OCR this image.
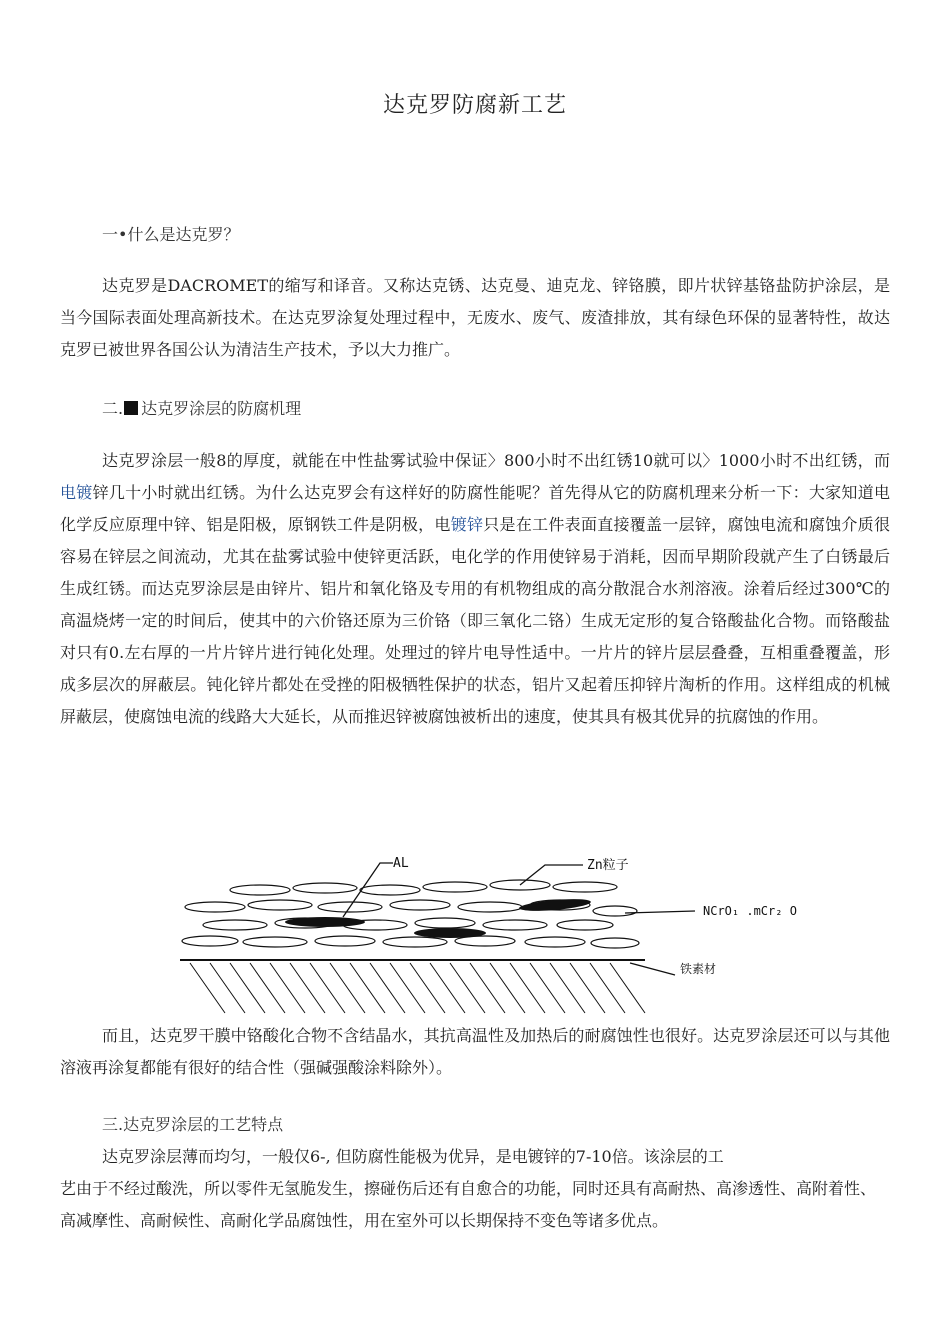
达克罗防腐新工艺
一•什么是达克罗？

达克罗是DACROMET的缩写和译音。又称达克锈、达克曼、迪克龙、锌铬膜，即片状锌基铬盐防护涂层，是当今国际表面处理高新技术。在达克罗涂复处理过程中，无废水、废气、废渣排放，其有绿色环保的显著特性，故达克罗已被世界各国公认为清洁生产技术，予以大力推广。

二. 达克罗涂层的防腐机理

达克罗涂层一般8的厚度，就能在中性盐雾试验中保证〉800小时不出红锈10就可以〉1000小时不出红锈，而电镀锌几十小时就出红锈。为什么达克罗会有这样好的防腐性能呢？首先得从它的防腐机理来分析一下：大家知道电化学反应原理中锌、铝是阳极，原钢铁工件是阴极，电镀锌只是在工件表面直接覆盖一层锌，腐蚀电流和腐蚀介质很容易在锌层之间流动，尤其在盐雾试验中使锌更活跃，电化学的作用使锌易于消耗，因而早期阶段就产生了白锈最后生成红锈。而达克罗涂层是由锌片、铝片和氧化铬及专用的有机物组成的高分散混合水剂溶液。涂着后经过300℃的高温烧烤一定的时间后，使其中的六价铬还原为三价铬（即三氧化二铬）生成无定形的复合铬酸盐化合物。而铬酸盐对只有0.左右厚的一片片锌片进行钝化处理。处理过的锌片电导性适中。一片片的锌片层层叠叠，互相重叠覆盖，形成多层次的屏蔽层。钝化锌片都处在受挫的阳极牺牲保护的状态，铝片又起着压抑锌片淘析的作用。这样组成的机械屏蔽层，使腐蚀电流的线路大大延长，从而推迟锌被腐蚀被析出的速度，使其具有极其优异的抗腐蚀的作用。

AL	Zn粒子
NCrO₁ .mCr₂ O
铁素材

而且，达克罗干膜中铬酸化合物不含结晶水，其抗高温性及加热后的耐腐蚀性也很好。达克罗涂层还可以与其他溶液再涂复都能有很好的结合性（强碱强酸涂料除外）。

三.达克罗涂层的工艺特点
达克罗涂层薄而均匀，一般仅6-, 但防腐性能极为优异，是电镀锌的7-10倍。该涂层的工

艺由于不经过酸洗，所以零件无氢脆发生，擦碰伤后还有自愈合的功能，同时还具有高耐热、高渗透性、高附着性、高减摩性、高耐候性、高耐化学品腐蚀性，用在室外可以长期保持不变色等诸多优点。
